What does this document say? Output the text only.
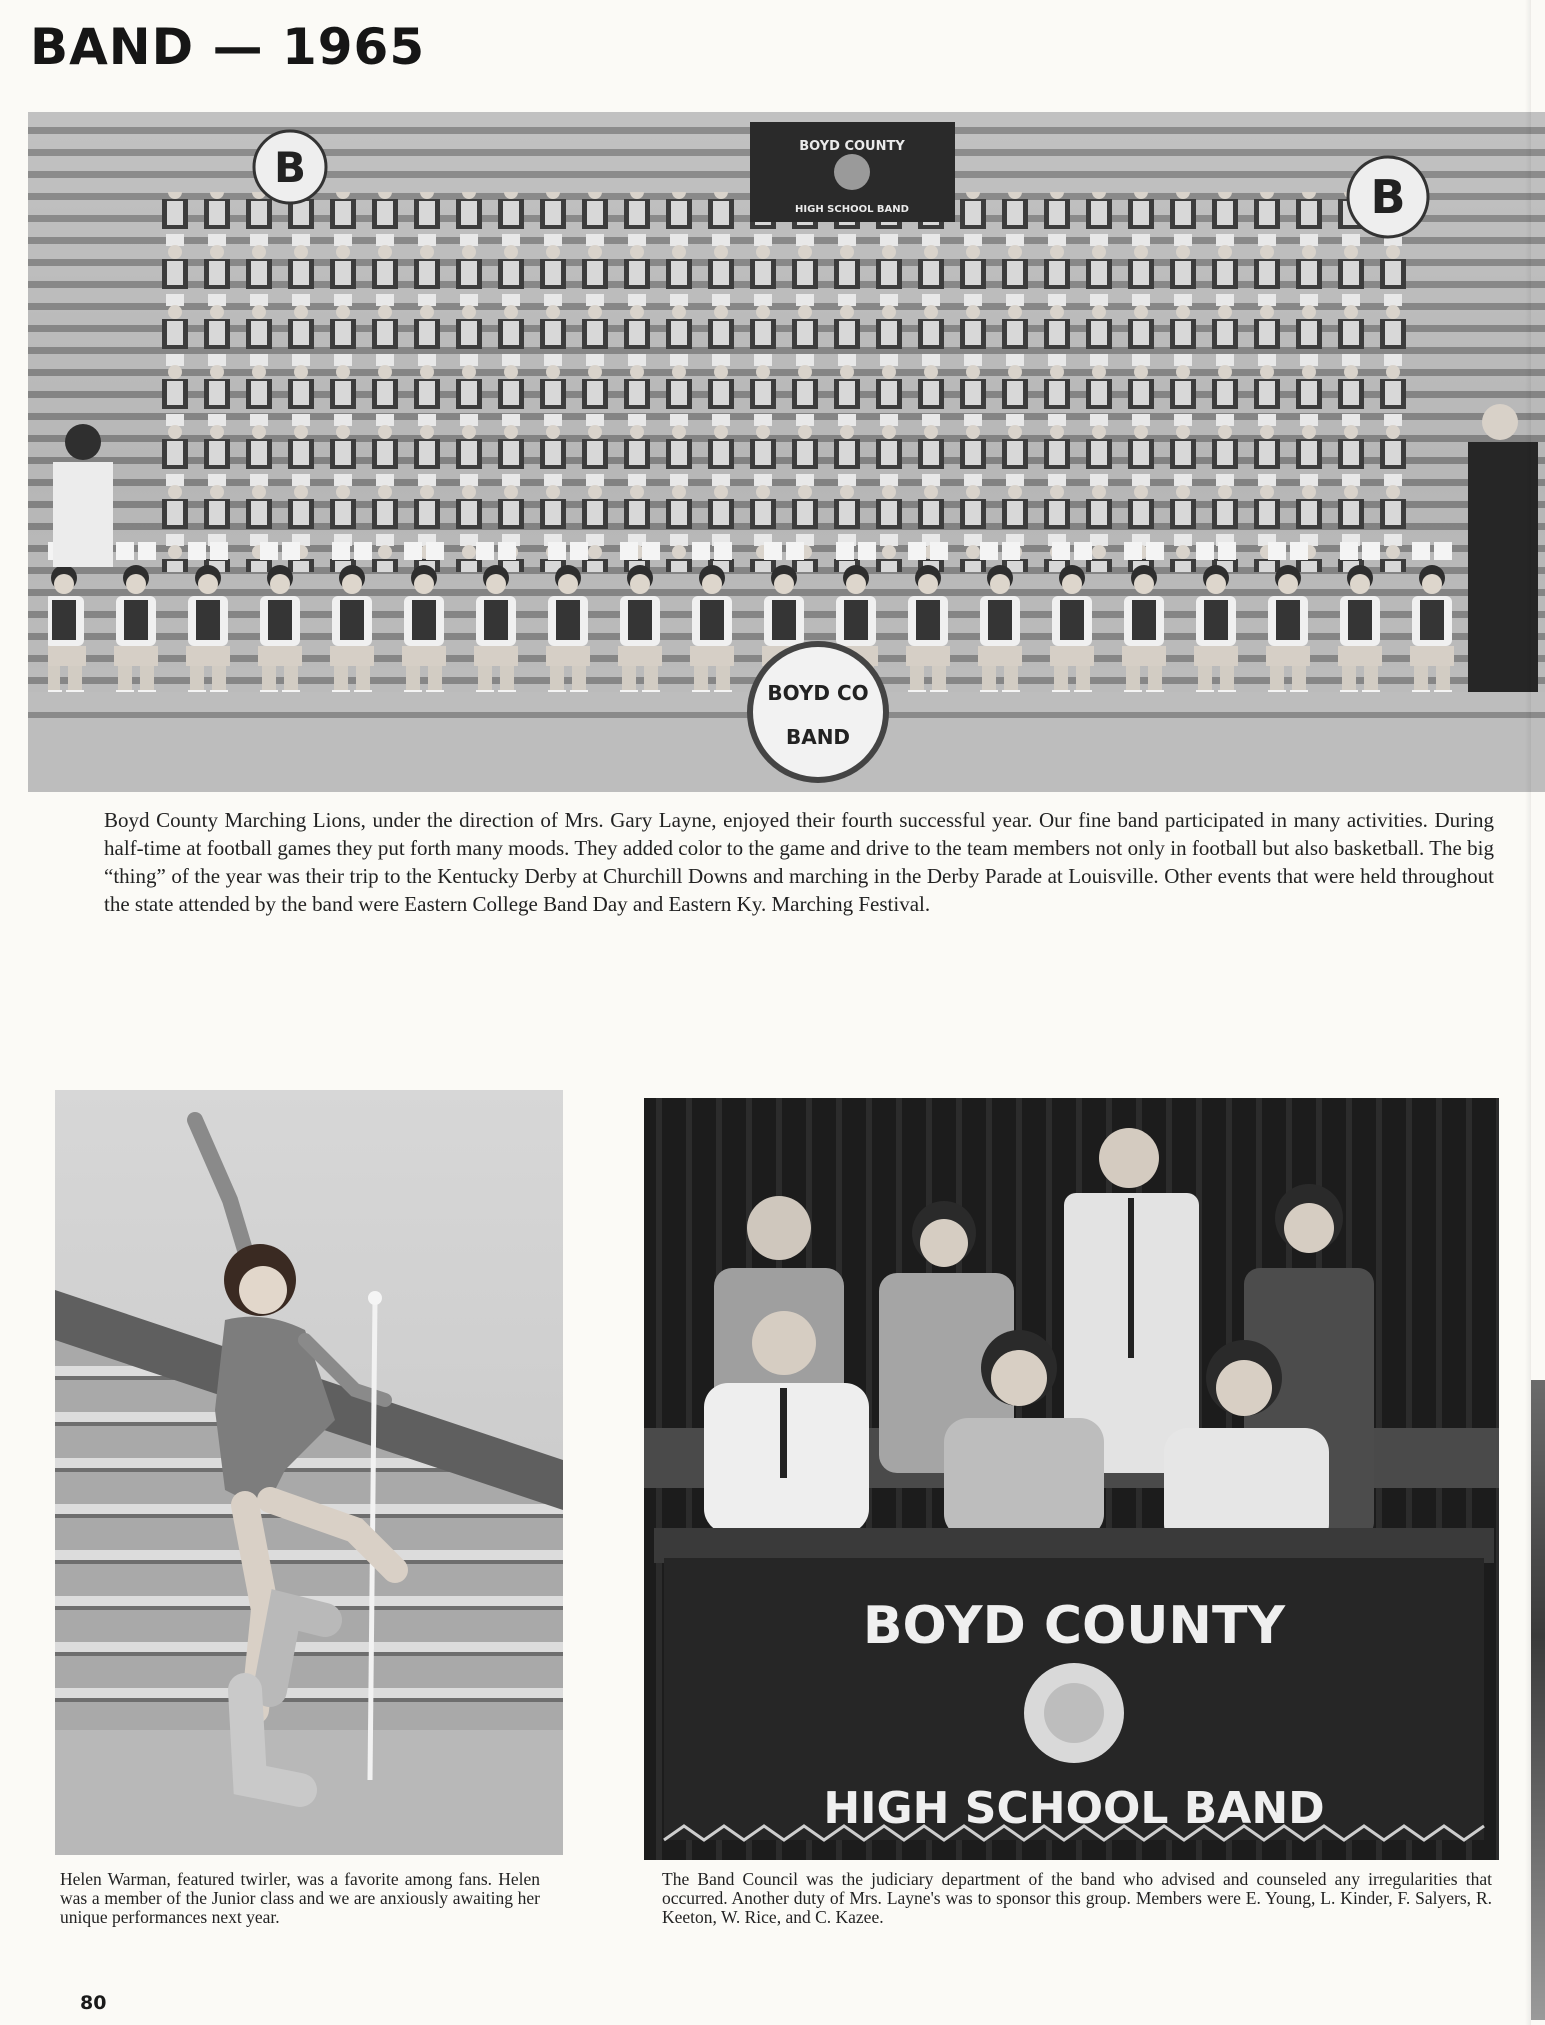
BAND — 1965
BOYD COUNTY
HIGH SCHOOL BAND
B
B
BOYD CO
BAND

Boyd County Marching Lions, under the direction of Mrs. Gary Layne, enjoyed their fourth successful year. Our fine band participated in many activities. During half-time at football games they put forth many moods. They added color to the game and drive to the team members not only in football but also basketball. The big “thing” of the year was their trip to the Kentucky Derby at Churchill Downs and marching in the Derby Parade at Louisville. Other events that were held throughout the state attended by the band were Eastern College Band Day and Eastern Ky. Marching Festival.

Helen Warman, featured twirler, was a favorite among fans. Helen was a member of the Junior class and we are anxiously awaiting her unique performances next year.

BOYD COUNTY
HIGH SCHOOL BAND

The Band Council was the judiciary department of the band who advised and counseled any irregularities that occurred. Another duty of Mrs. Layne's was to sponsor this group. Members were E. Young, L. Kinder, F. Salyers, R. Keeton, W. Rice, and C. Kazee.

80
